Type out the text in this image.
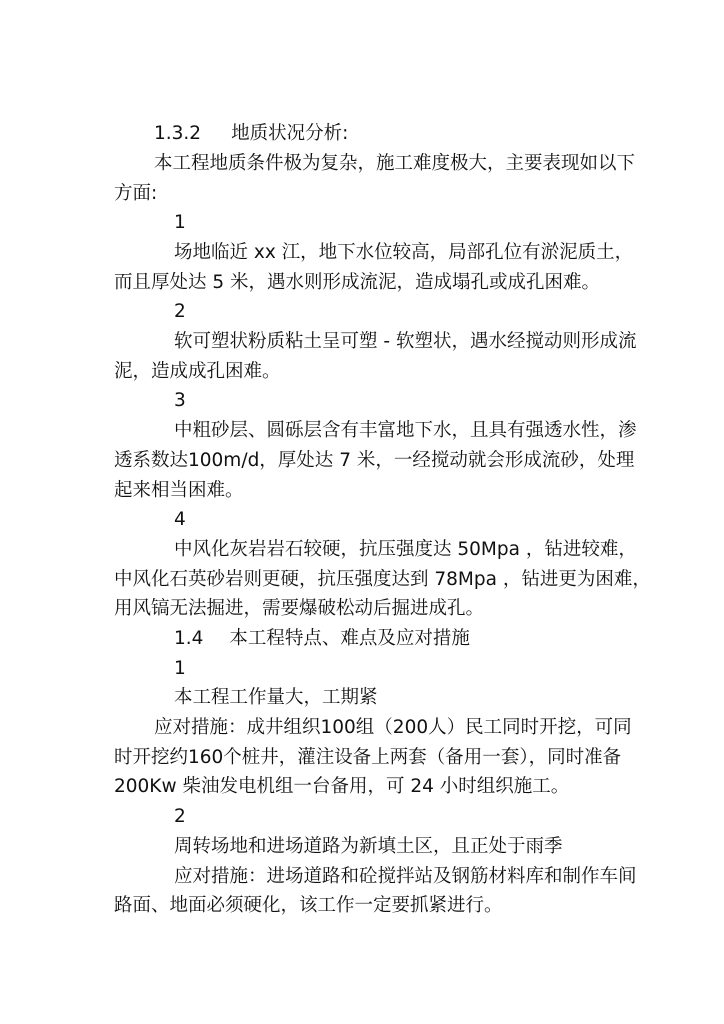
1.3.2 地质状况分析:
本工程地质条件极为复杂，施工难度极大，主要表现如以下
方面:
1
场地临近 xx 江，地下水位较高，局部孔位有淤泥质土，
而且厚处达 5 米，遇水则形成流泥，造成塌孔或成孔困难。
2
软可塑状粉质粘土呈可塑 - 软塑状，遇水经搅动则形成流
泥，造成成孔困难。
3
中粗砂层、圆砾层含有丰富地下水，且具有强透水性，渗
透系数达100m/d，厚处达 7 米，一经搅动就会形成流砂，处理
起来相当困难。
4
中风化灰岩岩石较硬，抗压强度达 50Mpa ，钻进较难，
中风化石英砂岩则更硬，抗压强度达到 78Mpa ，钻进更为困难，
用风镐无法掘进，需要爆破松动后掘进成孔。
1.4 本工程特点、难点及应对措施
1
本工程工作量大，工期紧
应对措施：成井组织100组（200人）民工同时开挖，可同
时开挖约160个桩井，灌注设备上两套（备用一套），同时准备
200Kw 柴油发电机组一台备用，可 24 小时组织施工。
2
周转场地和进场道路为新填土区，且正处于雨季
应对措施：进场道路和砼搅拌站及钢筋材料库和制作车间
路面、地面必须硬化，该工作一定要抓紧进行。
